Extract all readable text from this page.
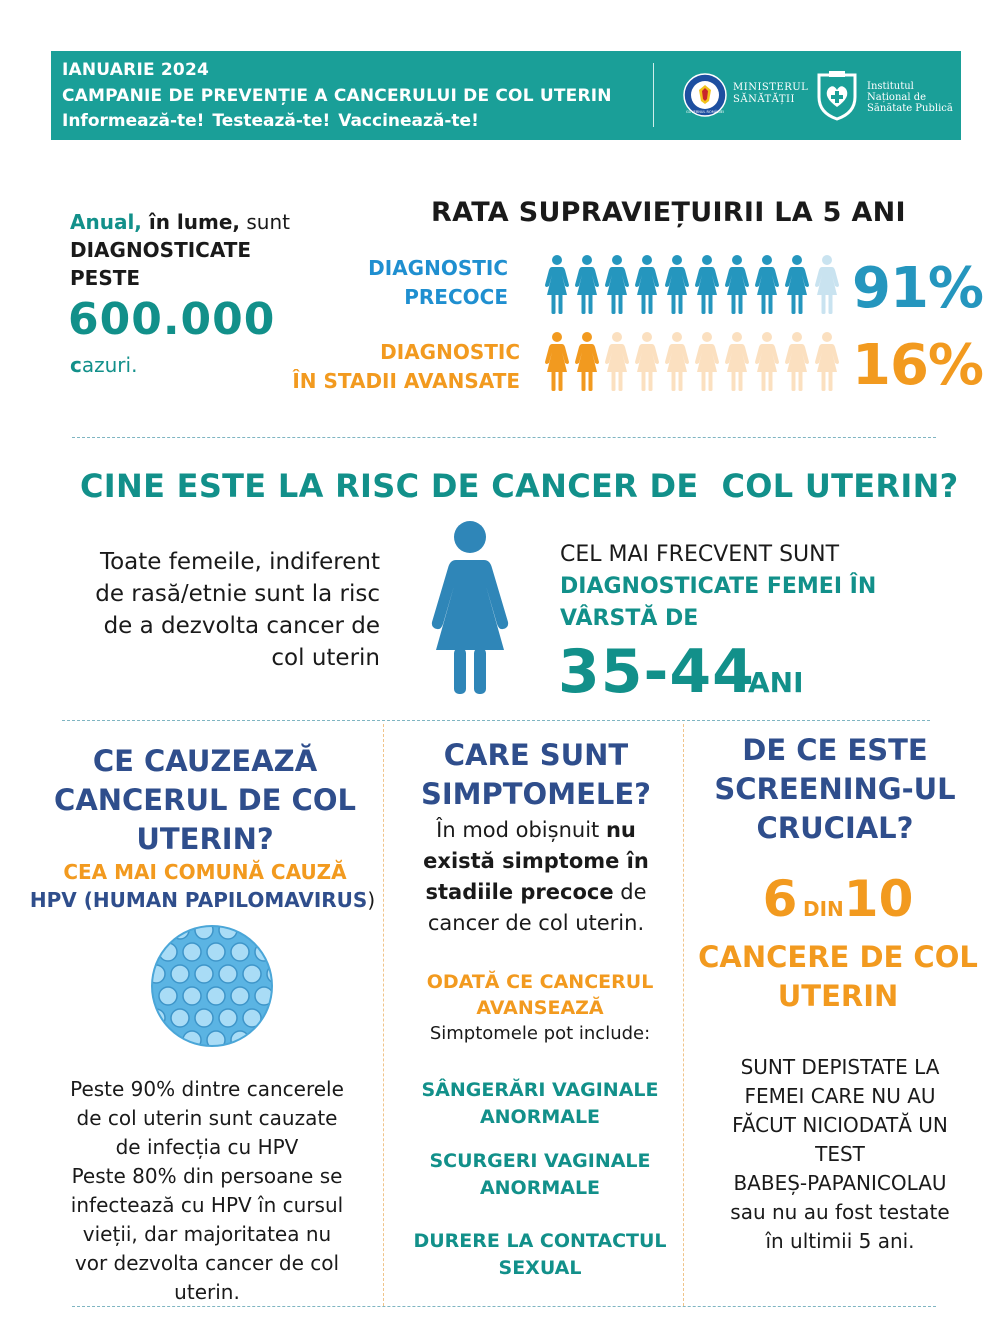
IANUARIE 2024
CAMPANIE DE PREVENȚIE A CANCERULUI DE COL UTERIN
Informează-te! Testează-te! Vaccinează-te!	GUVERNUL ROMÂNIEI
MINISTERUL
SĂNĂTĂȚII
Institutul
Național de
Sănătate Publică
Anual, în lume, sunt
DIAGNOSTICATE
PESTE
600.000
cazuri.
RATA SUPRAVIEȚUIRII LA 5 ANI
DIAGNOSTIC
PRECOCE	91%
DIAGNOSTIC
ÎN STADII AVANSATE	16%
CINE ESTE LA RISC DE CANCER DE  COL UTERIN?
Toate femeile, indiferent
de rasă/etnie sunt la risc
de a dezvolta cancer de
col uterin
CEL MAI FRECVENT SUNT
DIAGNOSTICATE FEMEI ÎN
VÂRSTĂ DE
35-44
ANI
CE CAUZEAZĂ
CANCERUL DE COL
UTERIN?
CEA MAI COMUNĂ CAUZĂ
HPV (HUMAN PAPILOMAVIRUS)
Peste 90% dintre cancerele
de col uterin sunt cauzate
de infecția cu HPV
Peste 80% din persoane se
infectează cu HPV în cursul
vieții, dar majoritatea nu
vor dezvolta cancer de col
uterin.
CARE SUNT
SIMPTOMELE?
În mod obișnuit nu
există simptome în
stadiile precoce de
cancer de col uterin.
ODATĂ CE CANCERUL
AVANSEAZĂ
Simptomele pot include:
SÂNGERĂRI VAGINALE
ANORMALE
SCURGERI VAGINALE
ANORMALE
DURERE LA CONTACTUL
SEXUAL
DE CE ESTE
SCREENING-UL
CRUCIAL?
6 DIN10
CANCERE DE COL
UTERIN
SUNT DEPISTATE LA
FEMEI CARE NU AU
FĂCUT NICIODATĂ UN
TEST
BABEȘ-PAPANICOLAU
sau nu au fost testate
în ultimii 5 ani.
